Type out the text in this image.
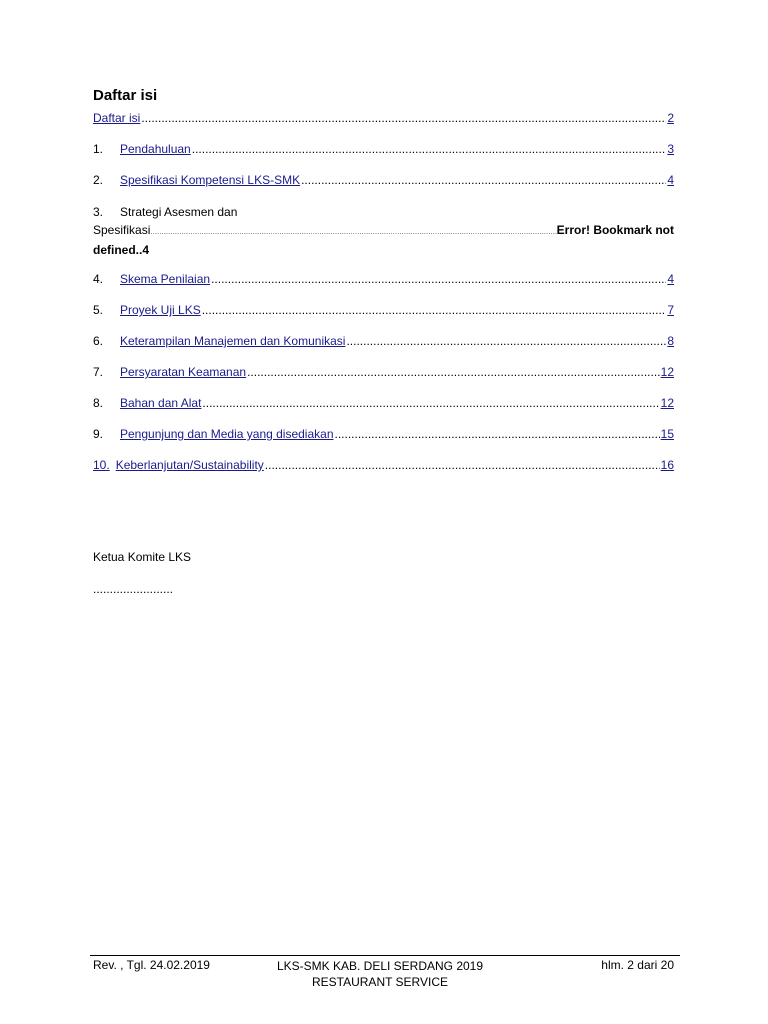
Daftar isi
Daftar isi .....	2
1.	Pendahuluan .....	3
2.	Spesifikasi Kompetensi LKS-SMK .....	4
3. Strategi Asesmen dan
Spesifikasi .....	Error! Bookmark not
defined..4
4.	Skema Penilaian .....	4
5.	Proyek Uji LKS .....	7
6.	Keterampilan Manajemen dan Komunikasi .....	8
7.	Persyaratan Keamanan .....	12
8.	Bahan dan Alat .....	12
9.	Pengunjung dan Media yang disediakan .....	15
10. Keberlanjutan/Sustainability .....	16
Ketua Komite LKS
........................
Rev. , Tgl. 24.02.2019	LKS-SMK KAB. DELI SERDANG 2019
RESTAURANT SERVICE
hlm. 2 dari 20
